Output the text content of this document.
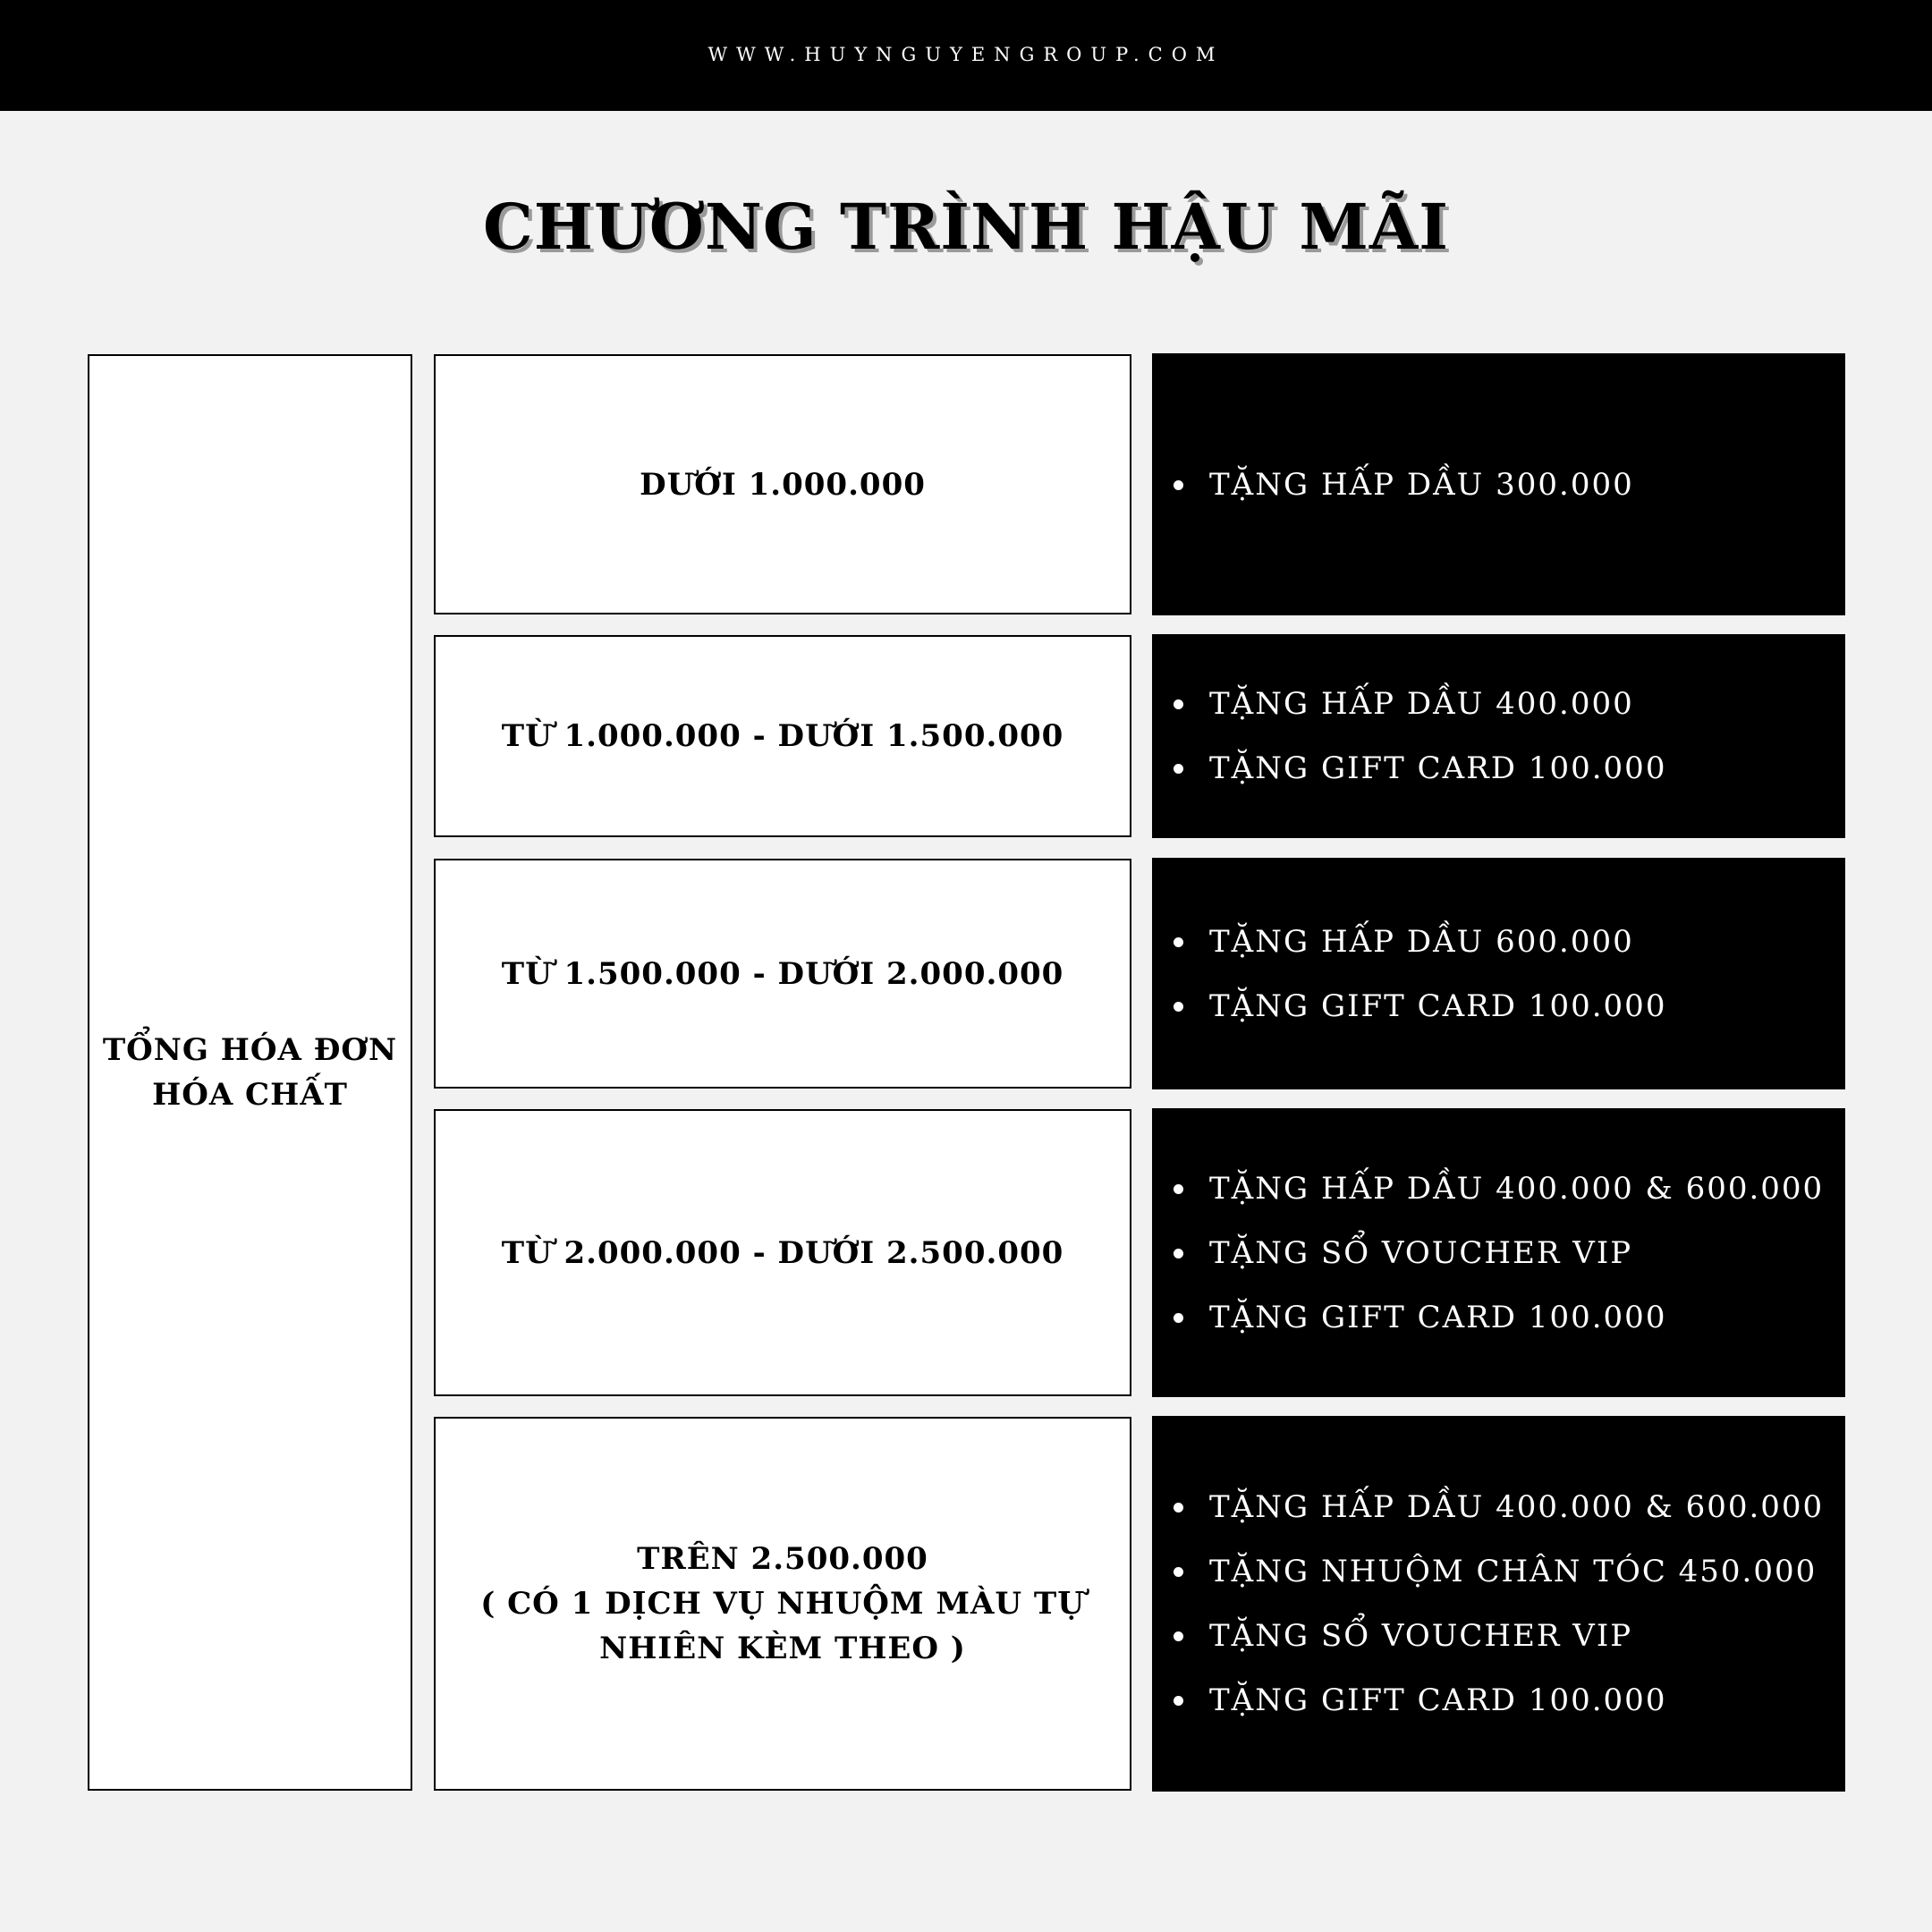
WWW.HUYNGUYENGROUP.COM
CHƯƠNG TRÌNH HẬU MÃI
TỔNG HÓA ĐƠN
HÓA CHẤT
DƯỚI 1.000.000	TẶNG HẤP DẦU 300.000
TỪ 1.000.000 - DƯỚI 1.500.000
TẶNG HẤP DẦU 400.000
TẶNG GIFT CARD 100.000
TỪ 1.500.000 - DƯỚI 2.000.000
TẶNG HẤP DẦU 600.000
TẶNG GIFT CARD 100.000
TỪ 2.000.000 - DƯỚI 2.500.000
TẶNG HẤP DẦU 400.000 & 600.000
TẶNG SỔ VOUCHER VIP
TẶNG GIFT CARD 100.000
TRÊN 2.500.000
( CÓ 1 DỊCH VỤ NHUỘM MÀU TỰ
NHIÊN KÈM THEO )
TẶNG HẤP DẦU 400.000 & 600.000
TẶNG NHUỘM CHÂN TÓC 450.000
TẶNG SỔ VOUCHER VIP
TẶNG GIFT CARD 100.000
